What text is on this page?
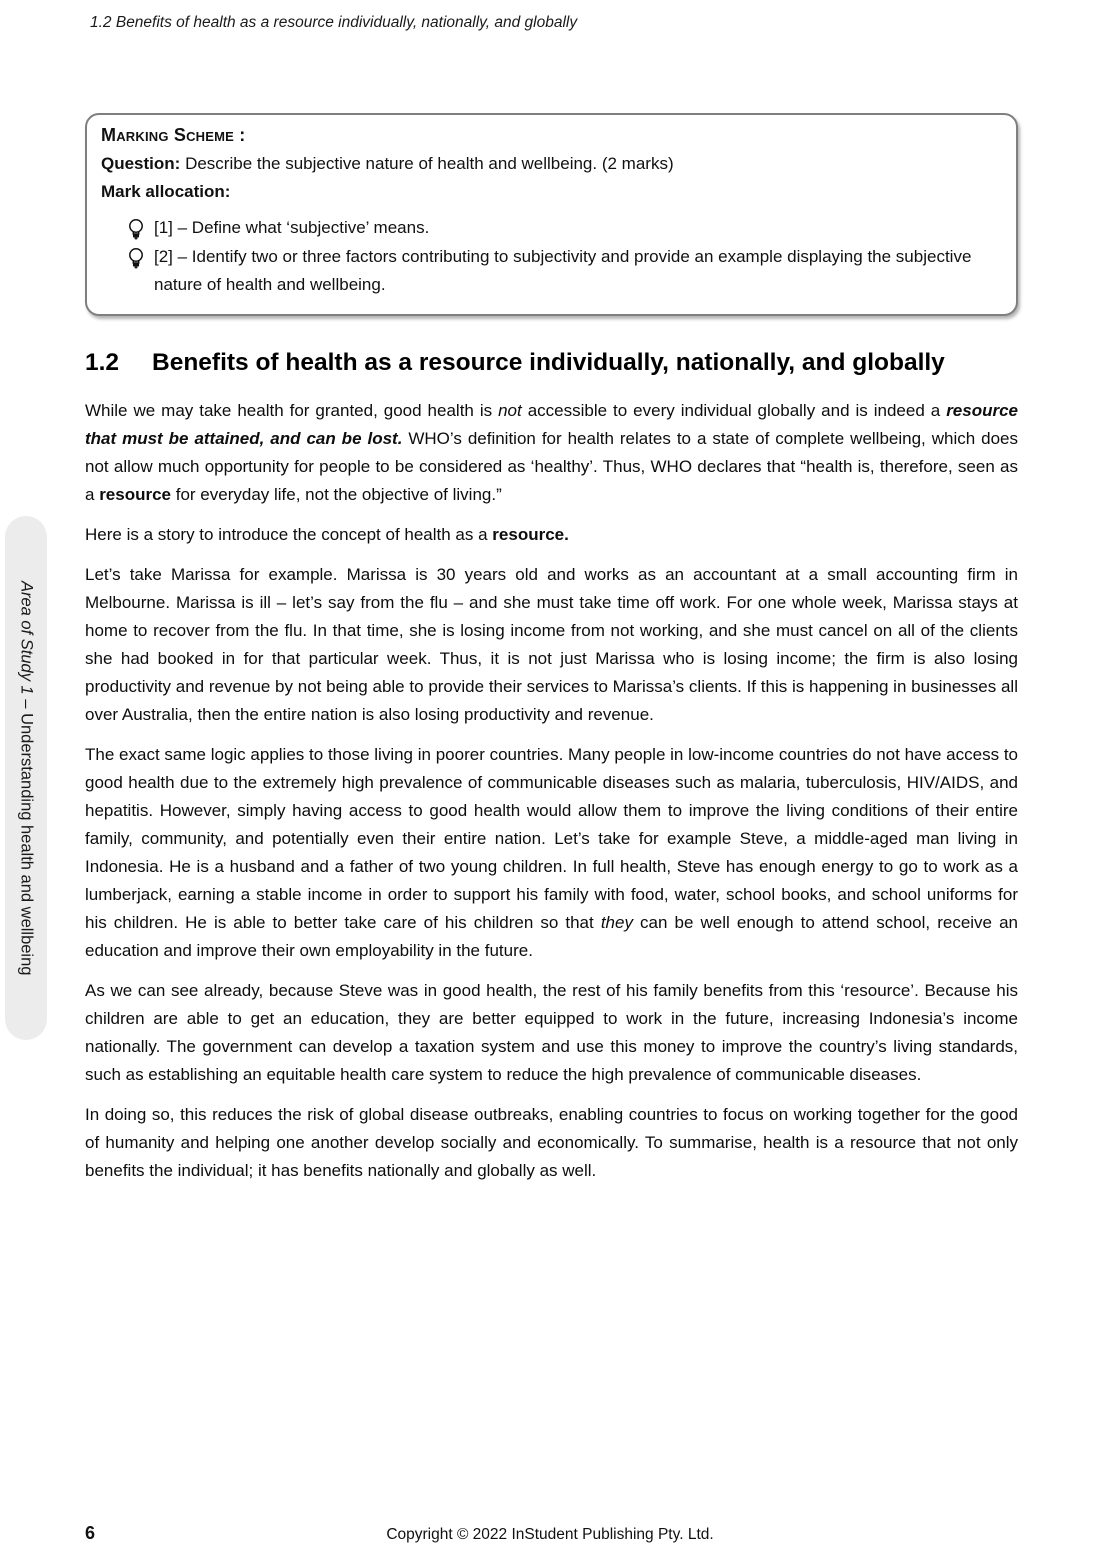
1.2 Benefits of health as a resource individually, nationally, and globally
Area of Study 1 – Understanding health and wellbeing
Marking Scheme :
Question: Describe the subjective nature of health and wellbeing. (2 marks)
Mark allocation:
[1] – Define what ‘subjective’ means.
[2] – Identify two or three factors contributing to subjectivity and provide an example displaying the subjective nature of health and wellbeing.
1.2	Benefits of health as a resource individually, nationally, and globally

While we may take health for granted, good health is not accessible to every individual globally and is indeed a resource that must be attained, and can be lost. WHO’s definition for health relates to a state of complete wellbeing, which does not allow much opportunity for people to be considered as ‘healthy’. Thus, WHO declares that “health is, therefore, seen as a resource for everyday life, not the objective of living.”

Here is a story to introduce the concept of health as a resource.

Let’s take Marissa for example. Marissa is 30 years old and works as an accountant at a small accounting firm in Melbourne. Marissa is ill – let’s say from the flu – and she must take time off work. For one whole week, Marissa stays at home to recover from the flu. In that time, she is losing income from not working, and she must cancel on all of the clients she had booked in for that particular week. Thus, it is not just Marissa who is losing income; the firm is also losing productivity and revenue by not being able to provide their services to Marissa’s clients. If this is happening in businesses all over Australia, then the entire nation is also losing productivity and revenue.

The exact same logic applies to those living in poorer countries. Many people in low-income countries do not have access to good health due to the extremely high prevalence of communicable diseases such as malaria, tuberculosis, HIV/AIDS, and hepatitis. However, simply having access to good health would allow them to improve the living conditions of their entire family, community, and potentially even their entire nation. Let’s take for example Steve, a middle-aged man living in Indonesia. He is a husband and a father of two young children. In full health, Steve has enough energy to go to work as a lumberjack, earning a stable income in order to support his family with food, water, school books, and school uniforms for his children. He is able to better take care of his children so that they can be well enough to attend school, receive an education and improve their own employability in the future.

As we can see already, because Steve was in good health, the rest of his family benefits from this ‘resource’. Because his children are able to get an education, they are better equipped to work in the future, increasing Indonesia’s income nationally. The government can develop a taxation system and use this money to improve the country’s living standards, such as establishing an equitable health care system to reduce the high prevalence of communicable diseases.

In doing so, this reduces the risk of global disease outbreaks, enabling countries to focus on working together for the good of humanity and helping one another develop socially and economically. To summarise, health is a resource that not only benefits the individual; it has benefits nationally and globally as well.

6	Copyright © 2022 InStudent Publishing Pty. Ltd.
